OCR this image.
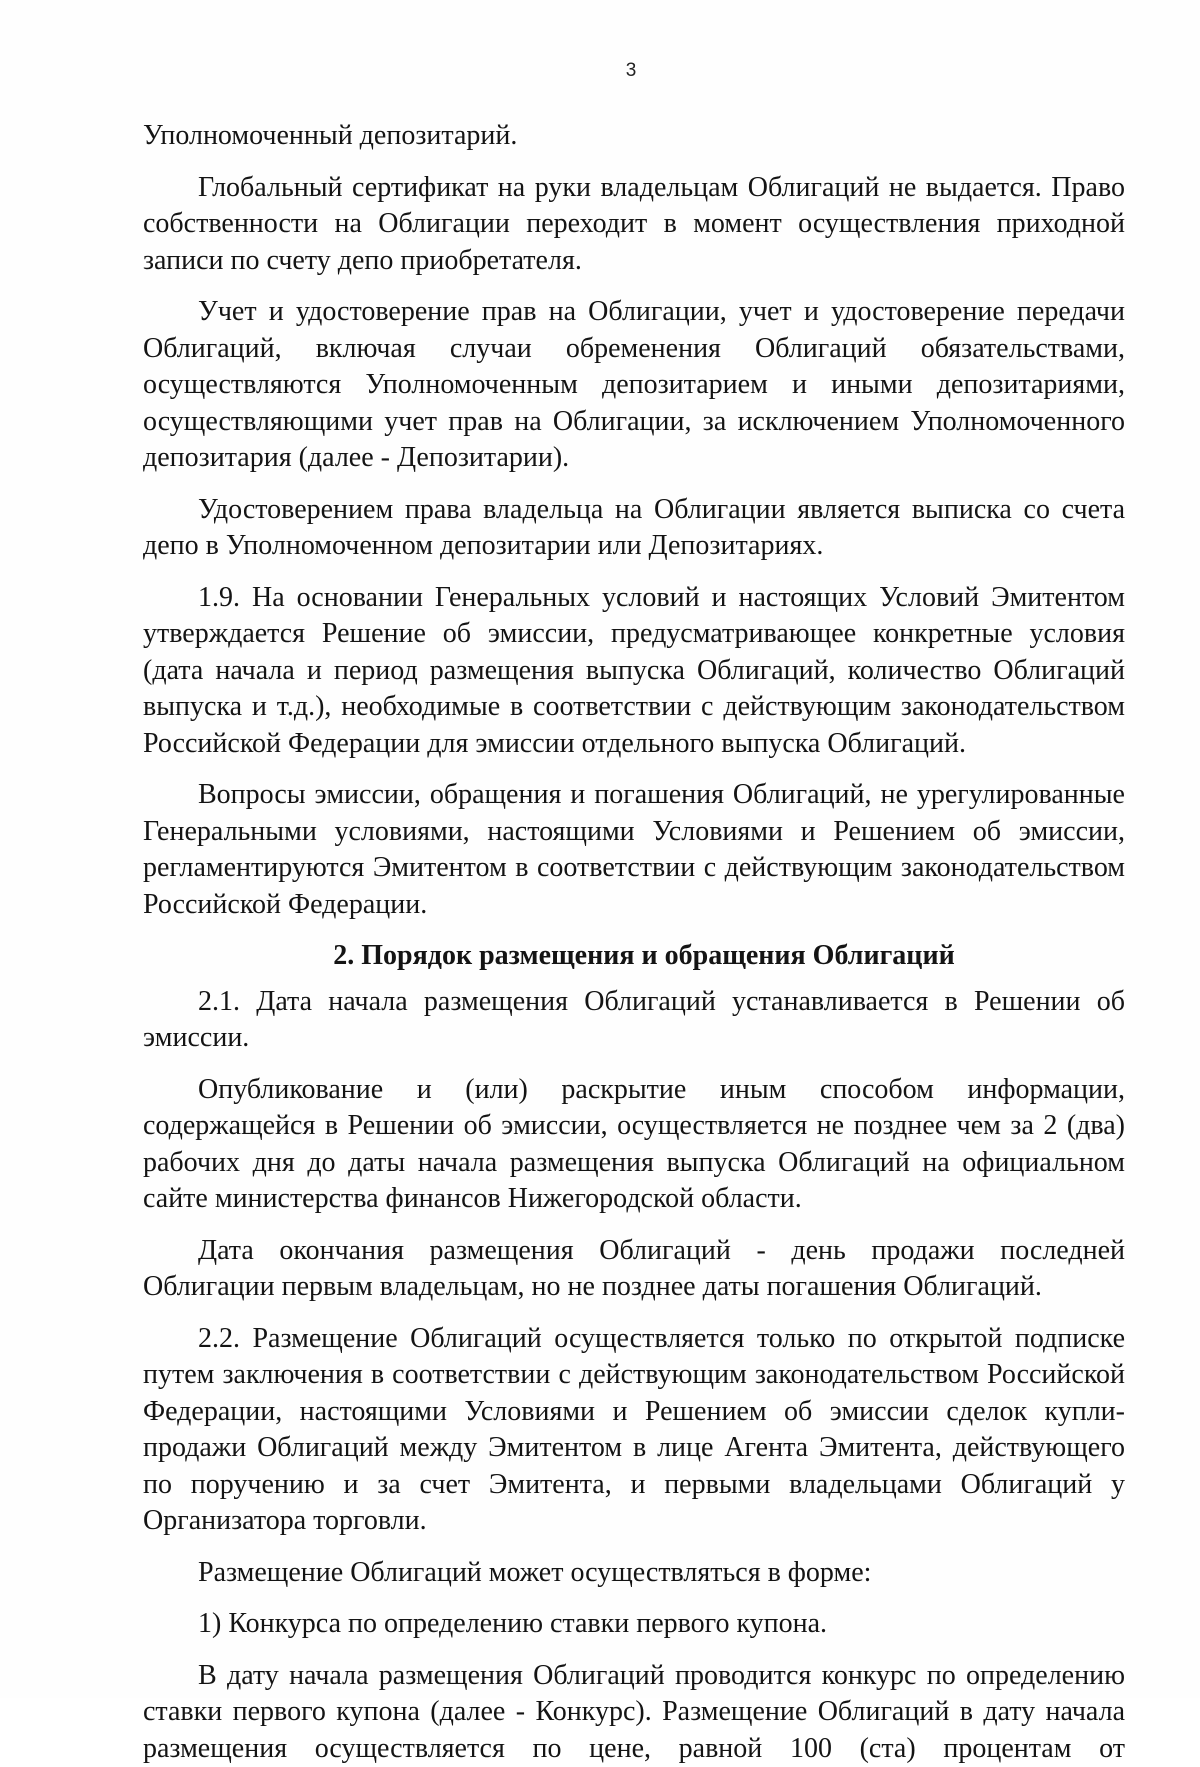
3

Уполномоченный депозитарий.

Глобальный сертификат на руки владельцам Облигаций не выдается. Право собственности на Облигации переходит в момент осуществления приходной записи по счету депо приобретателя.

Учет и удостоверение прав на Облигации, учет и удостоверение передачи Облигаций, включая случаи обременения Облигаций обязательствами, осуществляются Уполномоченным депозитарием и иными депозитариями, осуществляющими учет прав на Облигации, за исключением Уполномоченного депозитария (далее - Депозитарии).

Удостоверением права владельца на Облигации является выписка со счета депо в Уполномоченном депозитарии или Депозитариях.

1.9. На основании Генеральных условий и настоящих Условий Эмитентом утверждается Решение об эмиссии, предусматривающее конкретные условия (дата начала и период размещения выпуска Облигаций, количество Облигаций выпуска и т.д.), необходимые в соответствии с действующим законодательством Российской Федерации для эмиссии отдельного выпуска Облигаций.

Вопросы эмиссии, обращения и погашения Облигаций, не урегулированные Генеральными условиями, настоящими Условиями и Решением об эмиссии, регламентируются Эмитентом в соответствии с действующим законодательством Российской Федерации.

2. Порядок размещения и обращения Облигаций

2.1. Дата начала размещения Облигаций устанавливается в Решении об эмиссии.

Опубликование и (или) раскрытие иным способом информации, содержащейся в Решении об эмиссии, осуществляется не позднее чем за 2 (два) рабочих дня до даты начала размещения выпуска Облигаций на официальном сайте министерства финансов Нижегородской области.

Дата окончания размещения Облигаций - день продажи последней Облигации первым владельцам, но не позднее даты погашения Облигаций.

2.2. Размещение Облигаций осуществляется только по открытой подписке путем заключения в соответствии с действующим законодательством Российской Федерации, настоящими Условиями и Решением об эмиссии сделок купли-продажи Облигаций между Эмитентом в лице Агента Эмитента, действующего по поручению и за счет Эмитента, и первыми владельцами Облигаций у Организатора торговли.

Размещение Облигаций может осуществляться в форме:

1) Конкурса по определению ставки первого купона.

В дату начала размещения Облигаций проводится конкурс по определению ставки первого купона (далее - Конкурс). Размещение Облигаций в дату начала размещения осуществляется по цене, равной 100 (ста) процентам от
